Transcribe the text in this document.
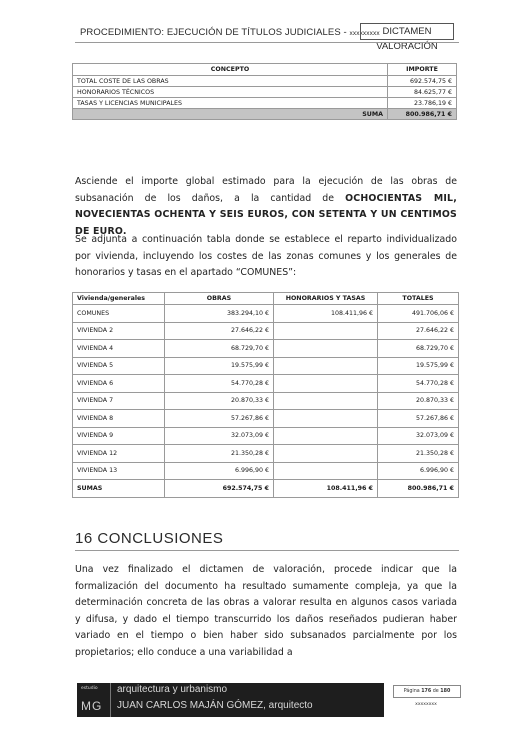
PROCEDIMIENTO: EJECUCIÓN DE TÍTULOS JUDICIALES - xxxxxxxxx DICTAMEN VALORACIÓN
CONCEPTO	IMPORTE
TOTAL COSTE DE LAS OBRAS	692.574,75 €
HONORARIOS TÉCNICOS	84.625,77 €
TASAS Y LICENCIAS MUNICIPALES	23.786,19 €
SUMA	800.986,71 €
Asciende el importe global estimado para la ejecución de las obras de subsanación de los daños, a la cantidad de OCHOCIENTAS MIL, NOVECIENTAS OCHENTA Y SEIS EUROS, CON SETENTA Y UN CENTIMOS DE EURO.
Se adjunta a continuación tabla donde se establece el reparto individualizado por vivienda, incluyendo los costes de las zonas comunes y los generales de honorarios y tasas en el apartado “COMUNES”:
Vivienda/generales	OBRAS	HONORARIOS Y TASAS	TOTALES
COMUNES	383.294,10 €	108.411,96 €	491.706,06 €
VIVIENDA 2	27.646,22 €		27.646,22 €
VIVIENDA 4	68.729,70 €		68.729,70 €
VIVIENDA 5	19.575,99 €		19.575,99 €
VIVIENDA 6	54.770,28 €		54.770,28 €
VIVIENDA 7	20.870,33 €		20.870,33 €
VIVIENDA 8	57.267,86 €		57.267,86 €
VIVIENDA 9	32.073,09 €		32.073,09 €
VIVIENDA 12	21.350,28 €		21.350,28 €
VIVIENDA 13	6.996,90 €		6.996,90 €
SUMAS	692.574,75 €	108.411,96 €	800.986,71 €
16 CONCLUSIONES
Una vez finalizado el dictamen de valoración, procede indicar que la formalización del documento ha resultado sumamente compleja, ya que la determinación concreta de las obras a valorar resulta en algunos casos variada y difusa, y dado el tiempo transcurrido los daños reseñados pudieran haber variado en el tiempo o bien haber sido subsanados parcialmente por los propietarios; ello conduce a una variabilidad a
estudio
MG
arquitectura y urbanismo
JUAN CARLOS MAJÁN GÓMEZ, arquitecto
Página 176 de 180
xxxxxxxx
